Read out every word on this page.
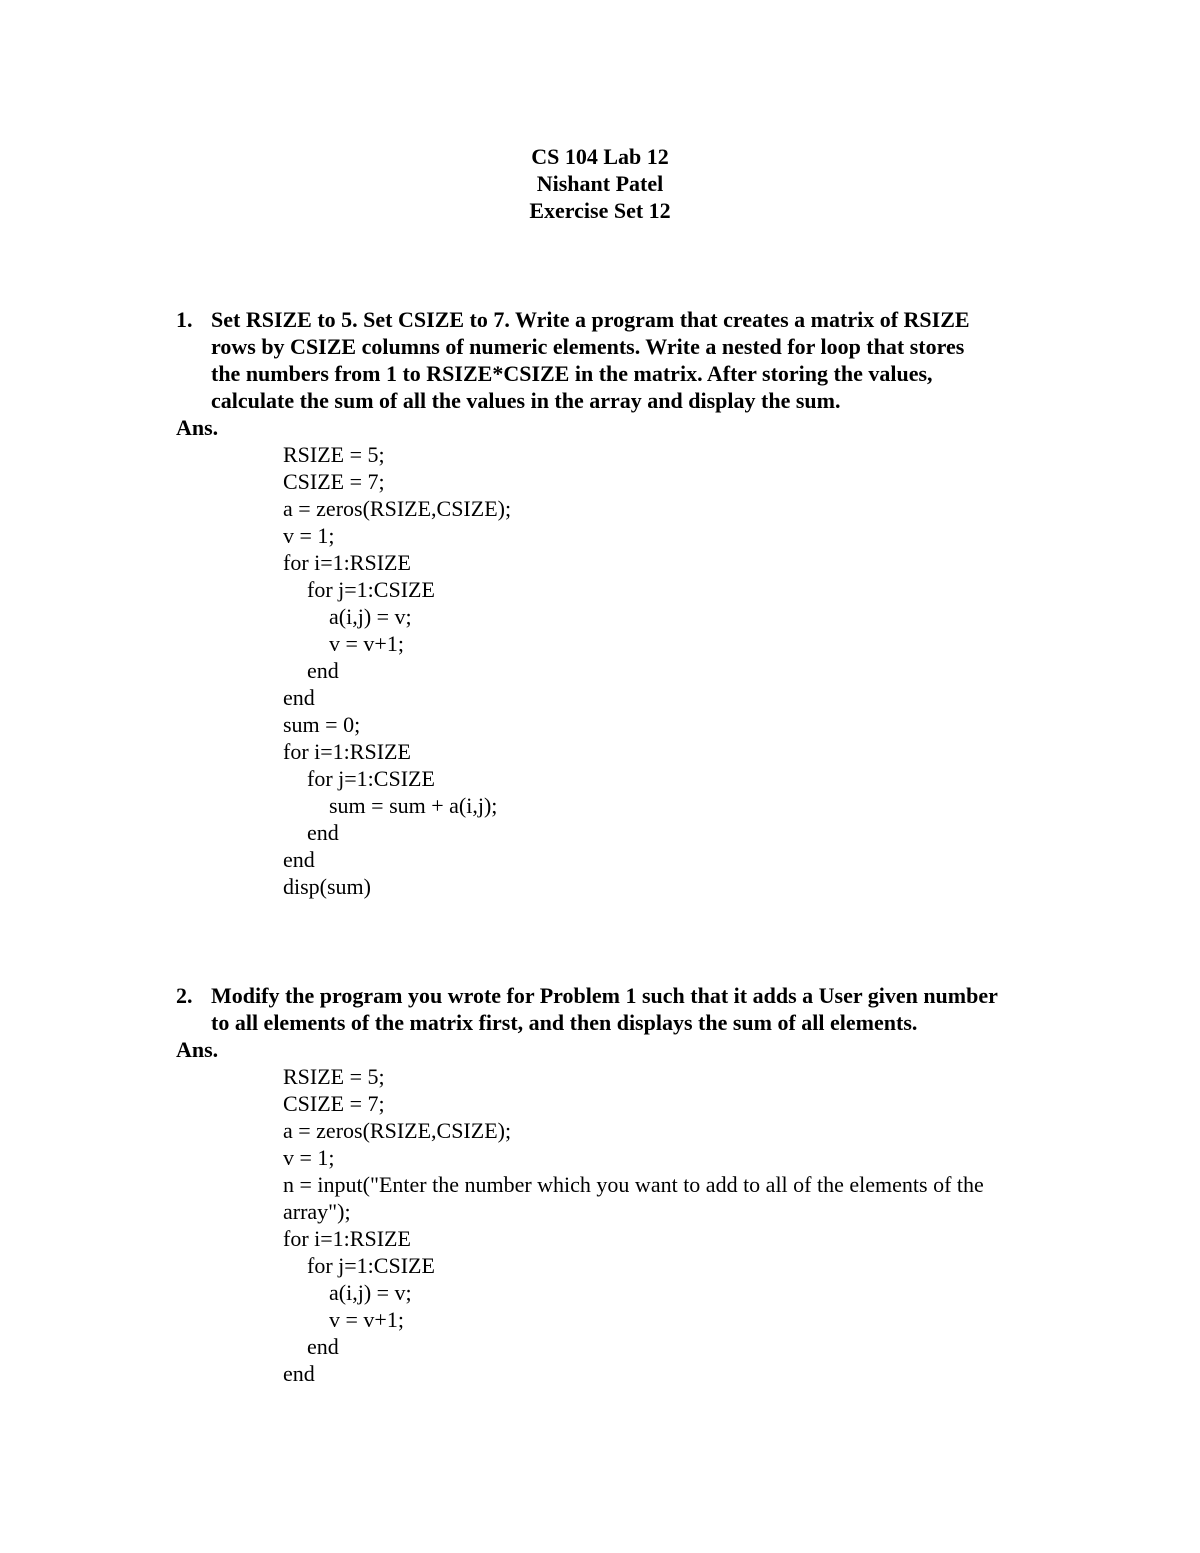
CS 104 Lab 12
Nishant Patel
Exercise Set 12
1. Set RSIZE to 5. Set CSIZE to 7. Write a program that creates a matrix of RSIZE
rows by CSIZE columns of numeric elements. Write a nested for loop that stores
the numbers from 1 to RSIZE*CSIZE in the matrix. After storing the values,
calculate the sum of all the values in the array and display the sum.
Ans.
RSIZE = 5;
CSIZE = 7;
a = zeros(RSIZE,CSIZE);
v = 1;
for i=1:RSIZE
for j=1:CSIZE
a(i,j) = v;
v = v+1;
end
end
sum = 0;
for i=1:RSIZE
for j=1:CSIZE
sum = sum + a(i,j);
end
end
disp(sum)
2. Modify the program you wrote for Problem 1 such that it adds a User given number
to all elements of the matrix first, and then displays the sum of all elements.
Ans.
RSIZE = 5;
CSIZE = 7;
a = zeros(RSIZE,CSIZE);
v = 1;
n = input("Enter the number which you want to add to all of the elements of the
array");
for i=1:RSIZE
for j=1:CSIZE
a(i,j) = v;
v = v+1;
end
end
